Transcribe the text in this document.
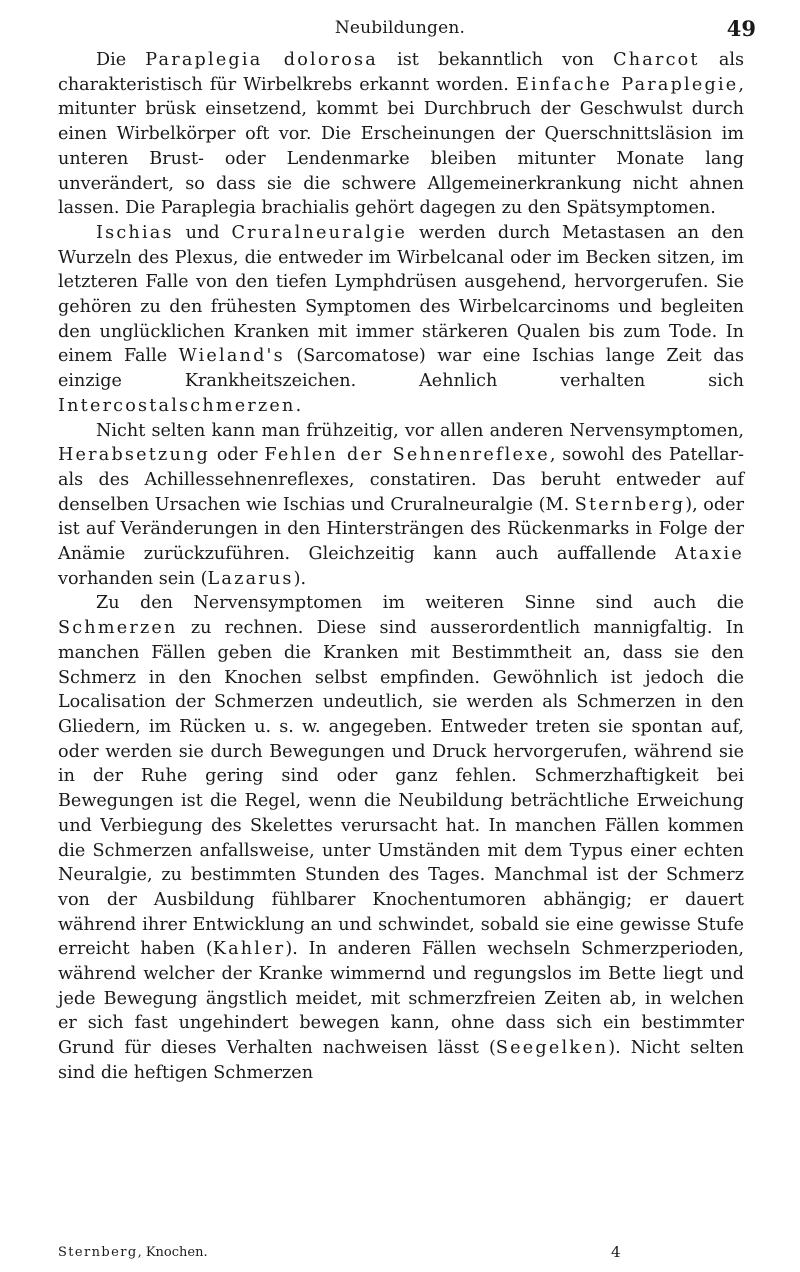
Neubildungen.	49

Die Paraplegia dolorosa ist bekanntlich von Charcot als charakteristisch für Wirbelkrebs erkannt worden. Einfache Paraplegie, mitunter brüsk einsetzend, kommt bei Durchbruch der Geschwulst durch einen Wirbelkörper oft vor. Die Erscheinungen der Querschnittsläsion im unteren Brust- oder Lendenmarke bleiben mitunter Monate lang unverändert, so dass sie die schwere Allgemeinerkrankung nicht ahnen lassen. Die Paraplegia brachialis gehört dagegen zu den Spätsymptomen.

Ischias und Cruralneuralgie werden durch Metastasen an den Wurzeln des Plexus, die entweder im Wirbelcanal oder im Becken sitzen, im letzteren Falle von den tiefen Lymphdrüsen ausgehend, hervorgerufen. Sie gehören zu den frühesten Symptomen des Wirbelcarcinoms und begleiten den unglücklichen Kranken mit immer stärkeren Qualen bis zum Tode. In einem Falle Wieland's (Sarcomatose) war eine Ischias lange Zeit das einzige Krankheitszeichen. Aehnlich verhalten sich Intercostalschmerzen.

Nicht selten kann man frühzeitig, vor allen anderen Nervensymptomen, Herabsetzung oder Fehlen der Sehnenreflexe, sowohl des Patellar- als des Achillessehnenreflexes, constatiren. Das beruht entweder auf denselben Ursachen wie Ischias und Cruralneuralgie (M. Sternberg), oder ist auf Veränderungen in den Hintersträngen des Rückenmarks in Folge der Anämie zurückzuführen. Gleichzeitig kann auch auffallende Ataxie vorhanden sein (Lazarus).

Zu den Nervensymptomen im weiteren Sinne sind auch die Schmerzen zu rechnen. Diese sind ausserordentlich mannigfaltig. In manchen Fällen geben die Kranken mit Bestimmtheit an, dass sie den Schmerz in den Knochen selbst empfinden. Gewöhnlich ist jedoch die Localisation der Schmerzen undeutlich, sie werden als Schmerzen in den Gliedern, im Rücken u. s. w. angegeben. Entweder treten sie spontan auf, oder werden sie durch Bewegungen und Druck hervorgerufen, während sie in der Ruhe gering sind oder ganz fehlen. Schmerzhaftigkeit bei Bewegungen ist die Regel, wenn die Neubildung beträchtliche Erweichung und Verbiegung des Skelettes verursacht hat. In manchen Fällen kommen die Schmerzen anfallsweise, unter Umständen mit dem Typus einer echten Neuralgie, zu bestimmten Stunden des Tages. Manchmal ist der Schmerz von der Ausbildung fühlbarer Knochentumoren abhängig; er dauert während ihrer Entwicklung an und schwindet, sobald sie eine gewisse Stufe erreicht haben (Kahler). In anderen Fällen wechseln Schmerzperioden, während welcher der Kranke wimmernd und regungslos im Bette liegt und jede Bewegung ängstlich meidet, mit schmerzfreien Zeiten ab, in welchen er sich fast ungehindert bewegen kann, ohne dass sich ein bestimmter Grund für dieses Verhalten nachweisen lässt (Seegelken). Nicht selten sind die heftigen Schmerzen

Sternberg, Knochen.	4
